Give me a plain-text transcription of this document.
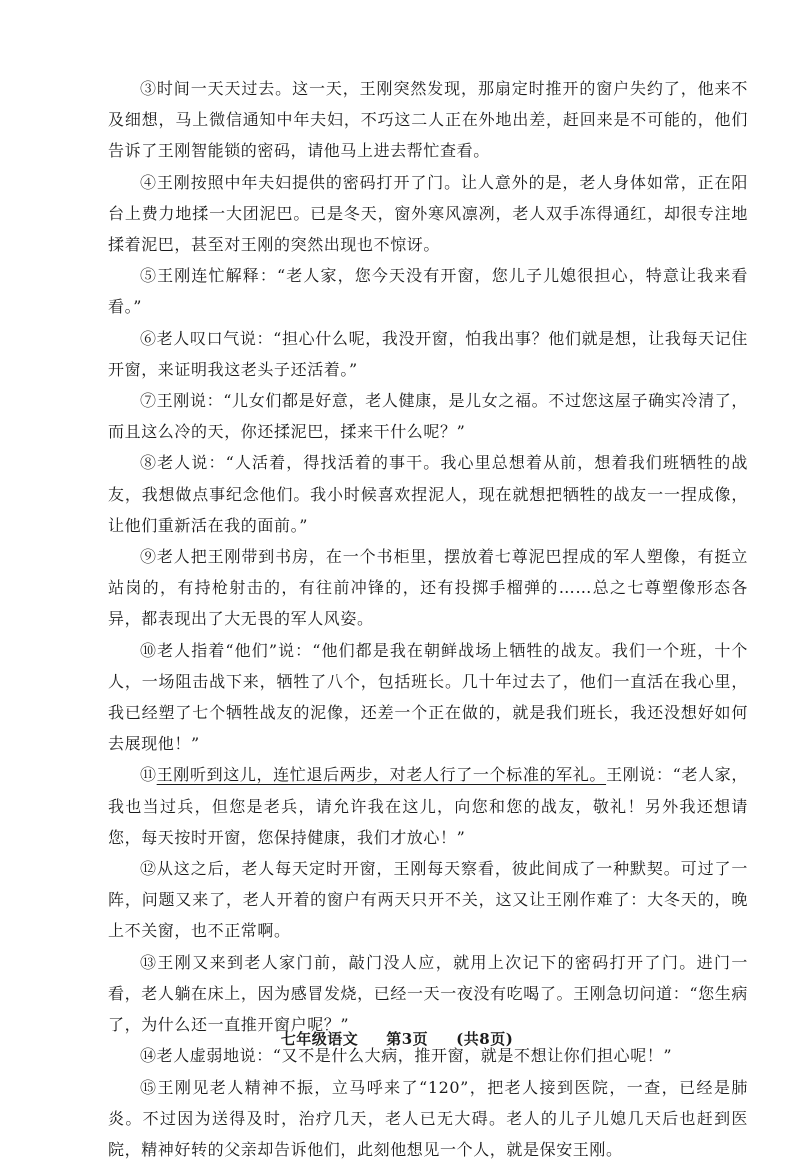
③时间一天天过去。这一天，王刚突然发现，那扇定时推开的窗户失约了，他来不及细想，马上微信通知中年夫妇，不巧这二人正在外地出差，赶回来是不可能的，他们告诉了王刚智能锁的密码，请他马上进去帮忙查看。

④王刚按照中年夫妇提供的密码打开了门。让人意外的是，老人身体如常，正在阳台上费力地揉一大团泥巴。已是冬天，窗外寒风凛冽，老人双手冻得通红，却很专注地揉着泥巴，甚至对王刚的突然出现也不惊讶。

⑤王刚连忙解释：“老人家，您今天没有开窗，您儿子儿媳很担心，特意让我来看看。”

⑥老人叹口气说：“担心什么呢，我没开窗，怕我出事？他们就是想，让我每天记住开窗，来证明我这老头子还活着。”

⑦王刚说：“儿女们都是好意，老人健康，是儿女之福。不过您这屋子确实冷清了，而且这么冷的天，你还揉泥巴，揉来干什么呢？”

⑧老人说：“人活着，得找活着的事干。我心里总想着从前，想着我们班牺牲的战友，我想做点事纪念他们。我小时候喜欢捏泥人，现在就想把牺牲的战友一一捏成像，让他们重新活在我的面前。”

⑨老人把王刚带到书房，在一个书柜里，摆放着七尊泥巴捏成的军人塑像，有挺立站岗的，有持枪射击的，有往前冲锋的，还有投掷手榴弹的……总之七尊塑像形态各异，都表现出了大无畏的军人风姿。

⑩老人指着“他们”说：“他们都是我在朝鲜战场上牺牲的战友。我们一个班，十个人，一场阻击战下来，牺牲了八个，包括班长。几十年过去了，他们一直活在我心里，我已经塑了七个牺牲战友的泥像，还差一个正在做的，就是我们班长，我还没想好如何去展现他！”

⑪王刚听到这儿，连忙退后两步，对老人行了一个标准的军礼。王刚说：“老人家，我也当过兵，但您是老兵，请允许我在这儿，向您和您的战友，敬礼！另外我还想请您，每天按时开窗，您保持健康，我们才放心！”

⑫从这之后，老人每天定时开窗，王刚每天察看，彼此间成了一种默契。可过了一阵，问题又来了，老人开着的窗户有两天只开不关，这又让王刚作难了：大冬天的，晚上不关窗，也不正常啊。

⑬王刚又来到老人家门前，敲门没人应，就用上次记下的密码打开了门。进门一看，老人躺在床上，因为感冒发烧，已经一天一夜没有吃喝了。王刚急切问道：“您生病了，为什么还一直推开窗户呢？”

⑭老人虚弱地说：“又不是什么大病，推开窗，就是不想让你们担心呢！”

⑮王刚见老人精神不振，立马呼来了“120”，把老人接到医院，一查，已经是肺炎。不过因为送得及时，治疗几天，老人已无大碍。老人的儿子儿媳几天后也赶到医院，精神好转的父亲却告诉他们，此刻他想见一个人，就是保安王刚。

七年级语文 第3页 (共8页)
